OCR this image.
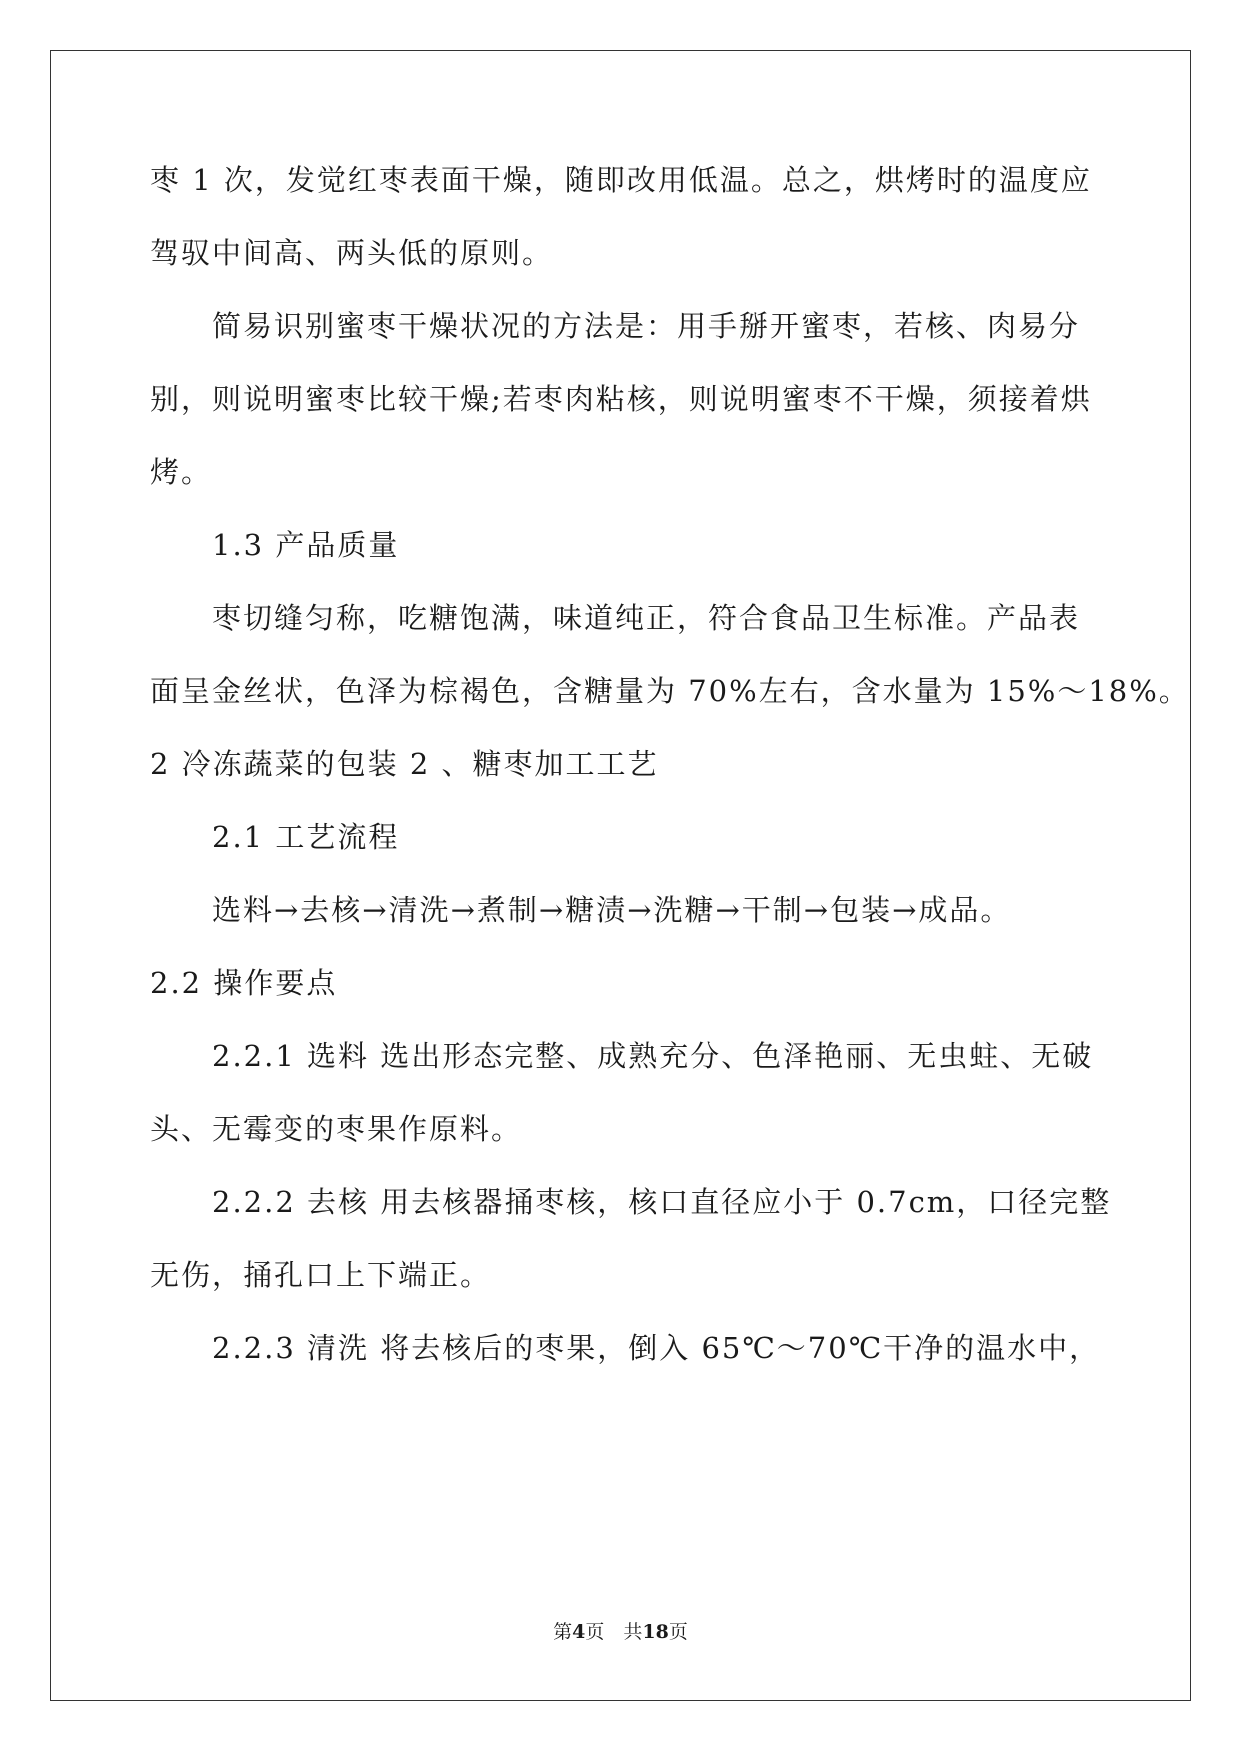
枣 1 次，发觉红枣表面干燥，随即改用低温。总之，烘烤时的温度应
驾驭中间高、两头低的原则。
简易识别蜜枣干燥状况的方法是：用手掰开蜜枣，若核、肉易分
别，则说明蜜枣比较干燥;若枣肉粘核，则说明蜜枣不干燥，须接着烘
烤。
1.3 产品质量
枣切缝匀称，吃糖饱满，味道纯正，符合食品卫生标准。产品表
面呈金丝状，色泽为棕褐色，含糖量为 70%左右，含水量为 15%～18%。
2 冷冻蔬菜的包装 2 、糖枣加工工艺
2.1 工艺流程
选料→去核→清洗→煮制→糖渍→洗糖→干制→包装→成品。
2.2 操作要点
2.2.1 选料 选出形态完整、成熟充分、色泽艳丽、无虫蛀、无破
头、无霉变的枣果作原料。
2.2.2 去核 用去核器捅枣核，核口直径应小于 0.7cm，口径完整
无伤，捅孔口上下端正。
2.2.3 清洗 将去核后的枣果，倒入 65℃～70℃干净的温水中，
第4页　共18页
